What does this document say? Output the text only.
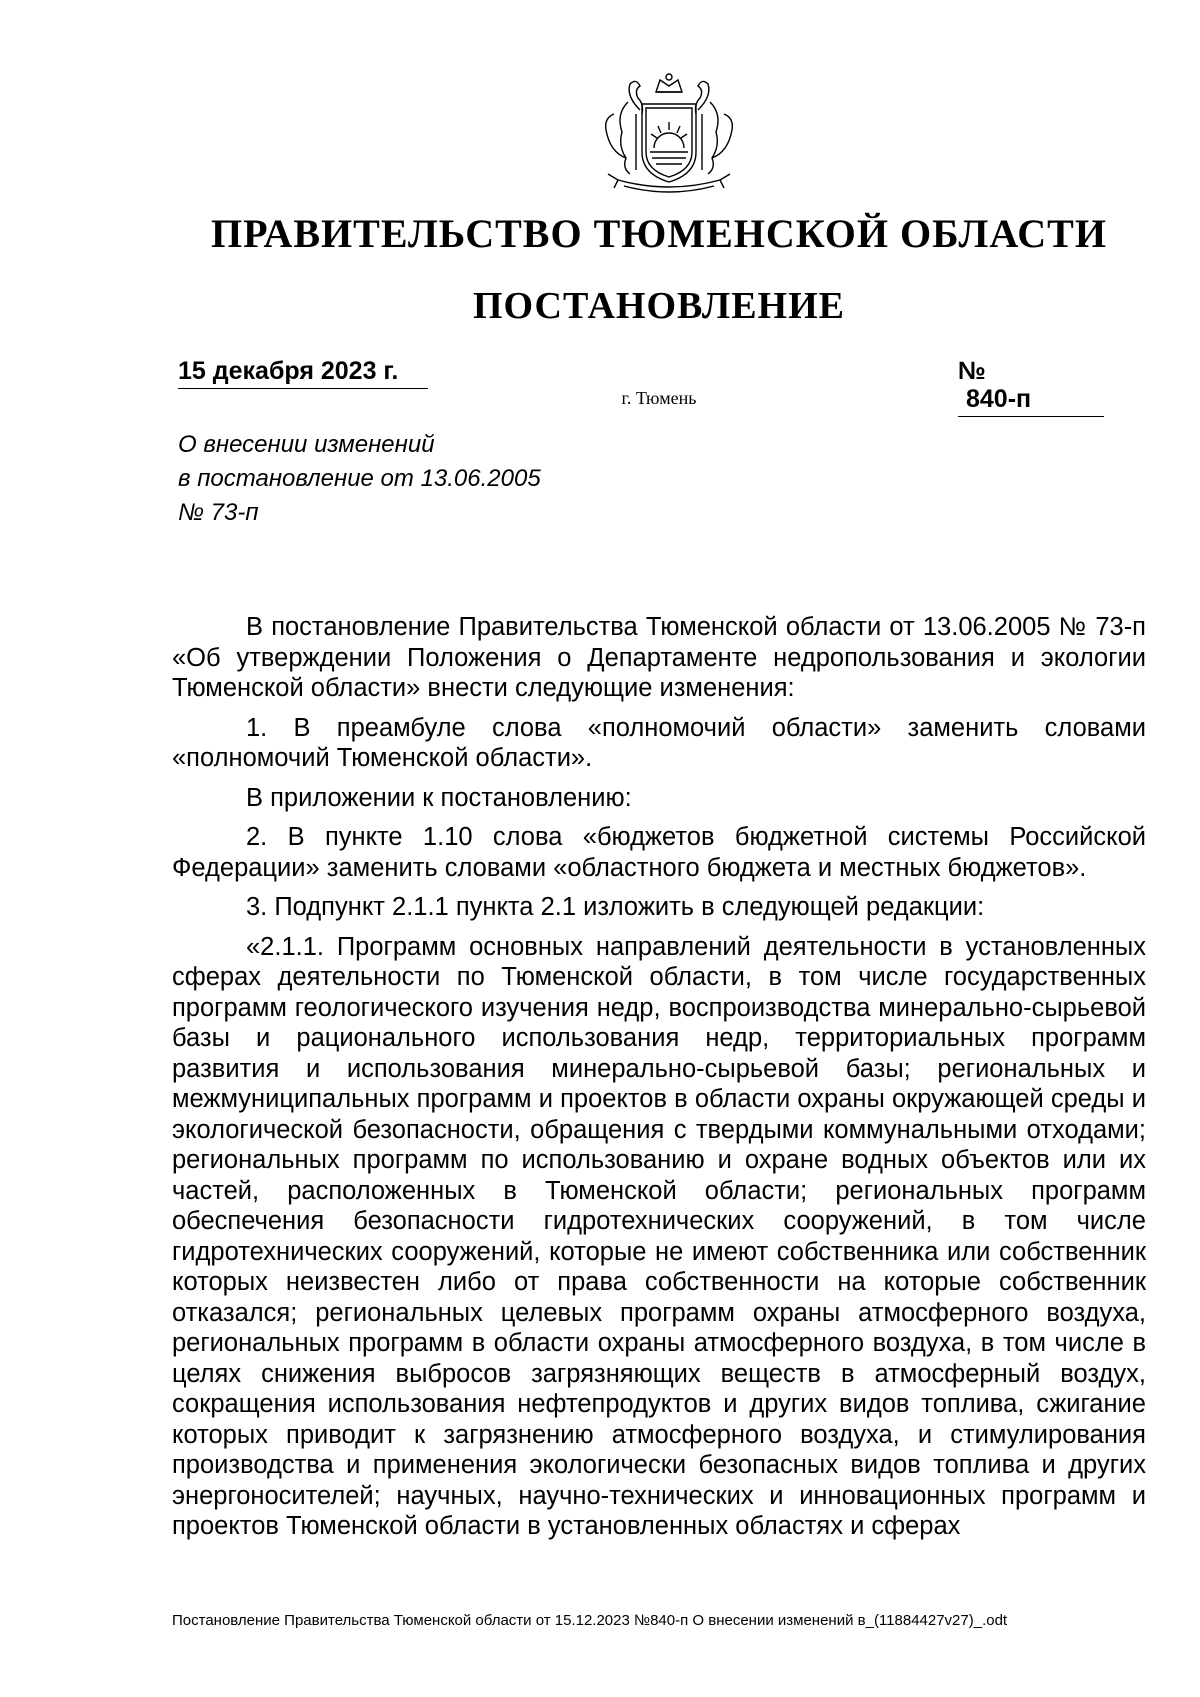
ПРАВИТЕЛЬСТВО ТЮМЕНСКОЙ ОБЛАСТИ
ПОСТАНОВЛЕНИЕ
15 декабря 2023 г.	№ 840-п
г. Тюмень
О внесении изменений
в постановление от 13.06.2005
№ 73-п

В постановление Правительства Тюменской области от 13.06.2005 № 73-п «Об утверждении Положения о Департаменте недропользования и экологии Тюменской области» внести следующие изменения:

1. В преамбуле слова «полномочий области» заменить словами «полномочий Тюменской области».

В приложении к постановлению:

2. В пункте 1.10 слова «бюджетов бюджетной системы Российской Федерации» заменить словами «областного бюджета и местных бюджетов».

3. Подпункт 2.1.1 пункта 2.1 изложить в следующей редакции:

«2.1.1. Программ основных направлений деятельности в установленных сферах деятельности по Тюменской области, в том числе государственных программ геологического изучения недр, воспроизводства минерально-сырьевой базы и рационального использования недр, территориальных программ развития и использования минерально-сырьевой базы; региональных и межмуниципальных программ и проектов в области охраны окружающей среды и экологической безопасности, обращения с твердыми коммунальными отходами; региональных программ по использованию и охране водных объектов или их частей, расположенных в Тюменской области; региональных программ обеспечения безопасности гидротехнических сооружений, в том числе гидротехнических сооружений, которые не имеют собственника или собственник которых неизвестен либо от права собственности на которые собственник отказался; региональных целевых программ охраны атмосферного воздуха, региональных программ в области охраны атмосферного воздуха, в том числе в целях снижения выбросов загрязняющих веществ в атмосферный воздух, сокращения использования нефтепродуктов и других видов топлива, сжигание которых приводит к загрязнению атмосферного воздуха, и стимулирования производства и применения экологически безопасных видов топлива и других энергоносителей; научных, научно-технических и инновационных программ и проектов Тюменской области в установленных областях и сферах

Постановление Правительства Тюменской области от 15.12.2023 №840-п О внесении изменений в_(11884427v27)_.odt
